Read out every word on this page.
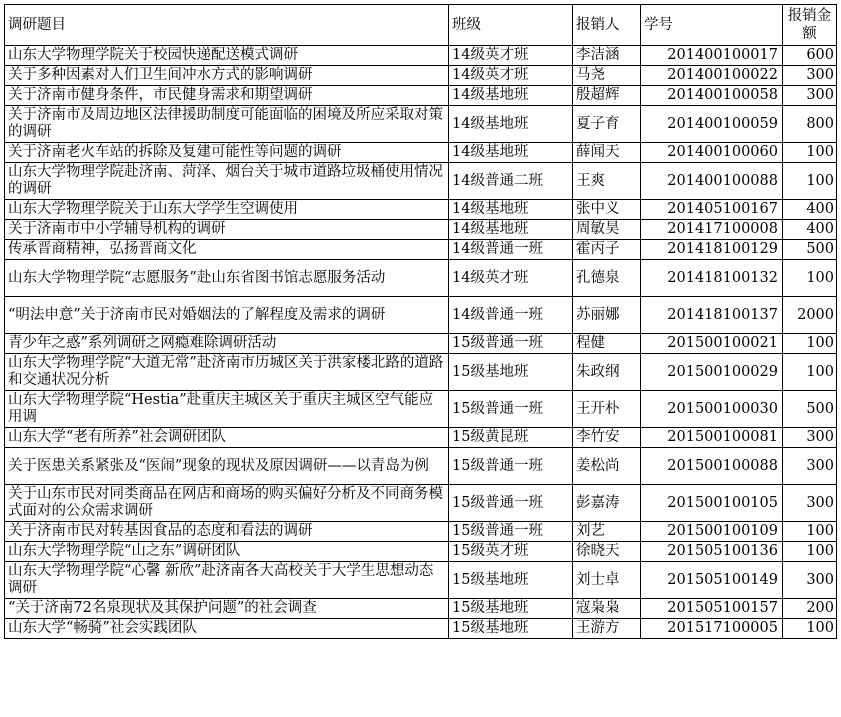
调研题目	班级	报销人	学号	报销金额
山东大学物理学院关于校园快递配送模式调研	14级英才班	李洁涵	201400100017	600
关于多种因素对人们卫生间冲水方式的影响调研	14级英才班	马尧	201400100022	300
关于济南市健身条件，市民健身需求和期望调研	14级基地班	殷超辉	201400100058	300
关于济南市及周边地区法律援助制度可能面临的困境及所应采取对策的调研	14级基地班	夏子育	201400100059	800
关于济南老火车站的拆除及复建可能性等问题的调研	14级基地班	薛闻天	201400100060	100
山东大学物理学院赴济南、菏泽、烟台关于城市道路垃圾桶使用情况的调研	14级普通二班	王爽	201400100088	100
山东大学物理学院关于山东大学学生空调使用	14级基地班	张中义	201405100167	400
关于济南市中小学辅导机构的调研	14级基地班	周敏昊	201417100008	400
传承晋商精神，弘扬晋商文化	14级普通一班	霍丙子	201418100129	500
山东大学物理学院“志愿服务”赴山东省图书馆志愿服务活动	14级英才班	孔德泉	201418100132	100
“明法申意”关于济南市民对婚姻法的了解程度及需求的调研	14级普通一班	苏丽娜	201418100137	2000
青少年之惑”系列调研之网瘾难除调研活动	15级普通一班	程健	201500100021	100
山东大学物理学院“大道无常”赴济南市历城区关于洪家楼北路的道路和交通状况分析	15级基地班	朱政纲	201500100029	100
山东大学物理学院“Hestia”赴重庆主城区关于重庆主城区空气能应用调	15级普通一班	王开朴	201500100030	500
山东大学“老有所养”社会调研团队	15级黄昆班	李竹安	201500100081	300
关于医患关系紧张及“医闹”现象的现状及原因调研——以青岛为例	15级普通一班	姜松尚	201500100088	300
关于山东市民对同类商品在网店和商场的购买偏好分析及不同商务模式面对的公众需求调研	15级普通一班	彭嘉涛	201500100105	300
关于济南市民对转基因食品的态度和看法的调研	15级普通一班	刘艺	201500100109	100
山东大学物理学院“山之东”调研团队	15级英才班	徐晓天	201505100136	100
山东大学物理学院“心馨 新欣”赴济南各大高校关于大学生思想动态调研	15级基地班	刘士卓	201505100149	300
“关于济南72名泉现状及其保护问题”的社会调查	15级基地班	寇枭枭	201505100157	200
山东大学“畅骑”社会实践团队	15级基地班	王游方	201517100005	100
